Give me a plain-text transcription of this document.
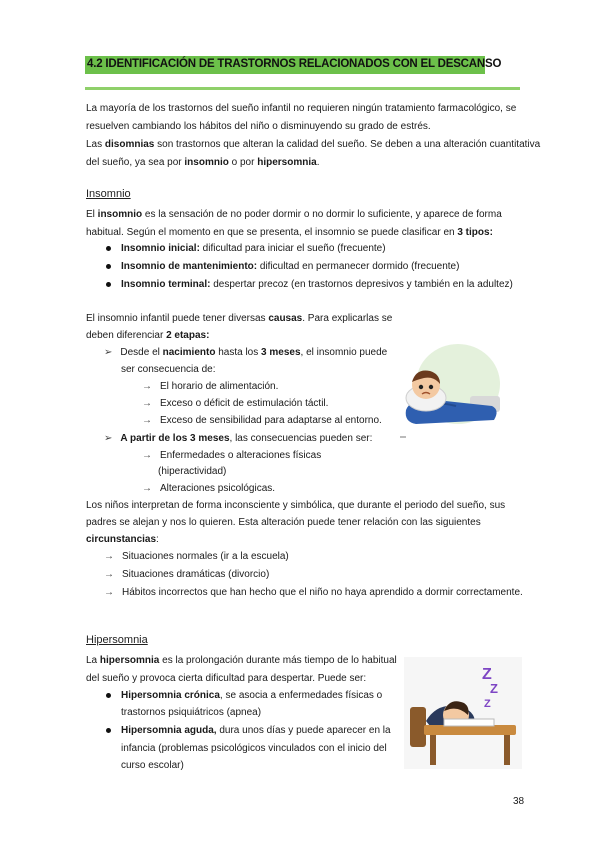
4.2 IDENTIFICACIÓN DE TRASTORNOS RELACIONADOS CON EL DESCANSO
La mayoría de los trastornos del sueño infantil no requieren ningún tratamiento farmacológico, se
resuelven cambiando los hábitos del niño o disminuyendo su grado de estrés.
Las disomnias son trastornos que alteran la calidad del sueño. Se deben a una alteración cuantitativa
del sueño, ya sea por insomnio o por hipersomnia.
Insomnio
El insomnio es la sensación de no poder dormir o no dormir lo suficiente, y aparece de forma
habitual. Según el momento en que se presenta, el insomnio se puede clasificar en 3 tipos:
Insomnio inicial: dificultad para iniciar el sueño (frecuente)
Insomnio de mantenimiento: dificultad en permanecer dormido (frecuente)
Insomnio terminal: despertar precoz (en trastornos depresivos y también en la adultez)
El insomnio infantil puede tener diversas causas. Para explicarlas se
deben diferenciar 2 etapas:
➢ Desde el nacimiento hasta los 3 meses, el insomnio puede
ser consecuencia de:
→ El horario de alimentación.
→ Exceso o déficit de estimulación táctil.
→ Exceso de sensibilidad para adaptarse al entorno.
➢ A partir de los 3 meses, las consecuencias pueden ser:
→ Enfermedades o alteraciones físicas
(hiperactividad)
→ Alteraciones psicológicas.
Los niños interpretan de forma inconsciente y simbólica, que durante el periodo del sueño, sus
padres se alejan y nos lo quieren. Esta alteración puede tener relación con las siguientes
circunstancias:
→ Situaciones normales (ir a la escuela)
→ Situaciones dramáticas (divorcio)
→ Hábitos incorrectos que han hecho que el niño no haya aprendido a dormir correctamente.
Hipersomnia
La hipersomnia es la prolongación durante más tiempo de lo habitual
del sueño y provoca cierta dificultad para despertar. Puede ser:
Hipersomnia crónica, se asocia a enfermedades físicas o
trastornos psiquiátricos (apnea)
Hipersomnia aguda, dura unos días y puede aparecer en la
infancia (problemas psicológicos vinculados con el inicio del
curso escolar)
Z
Z
Z
38
